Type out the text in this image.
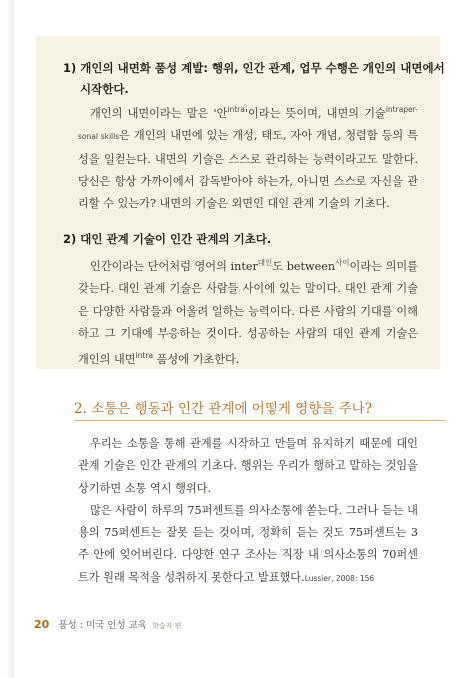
1) 개인의 내면화 품성 계발: 행위, 인간 관계, 업무 수행은 개인의 내면에서
시작한다.

개인의 내면이라는 말은 '안$^{intra}$'이라는 뜻이며, 내면의 기술$^{intraper-}$sonal skills은 개인의 내면에 있는 개성, 태도, 자아 개념, 청렴함 등의 특성을 일컫는다. 내면의 기술은 스스로 관리하는 능력이라고도 말한다. 당신은 항상 가까이에서 감독받아야 하는가, 아니면 스스로 자신을 관리할 수 있는가? 내면의 기술은 외면인 대인 관계 기술의 기초다.

2) 대인 관계 기술이 인간 관계의 기초다.

인간이라는 단어처럼 영어의 inter$^{대인}$도 between$^{사이}$이라는 의미를 갖는다. 대인 관계 기술은 사람들 사이에 있는 말이다. 대인 관계 기술은 다양한 사람들과 어울려 일하는 능력이다. 다른 사람의 기대를 이해하고 그 기대에 부응하는 것이다. 성공하는 사람의 대인 관계 기술은 개인의 내면$^{intra}$ 품성에 기초한다.

2. 소통은 행동과 인간 관계에 어떻게 영향을 주나?

우리는 소통을 통해 관계를 시작하고 만들며 유지하기 때문에 대인 관계 기술은 인간 관계의 기초다. 행위는 우리가 행하고 말하는 것임을 상기하면 소통 역시 행위다.

많은 사람이 하루의 75퍼센트를 의사소통에 쏟는다. 그러나 듣는 내용의 75퍼센트는 잘못 듣는 것이며, 정확히 듣는 것도 75퍼센트는 3주 안에 잊어버린다. 다양한 연구 조사는 직장 내 의사소통의 70퍼센트가 원래 목적을 성취하지 못한다고 발표했다.Lussier, 2008: 156

20 품성 : 미국 인성 교육 학습자 편
